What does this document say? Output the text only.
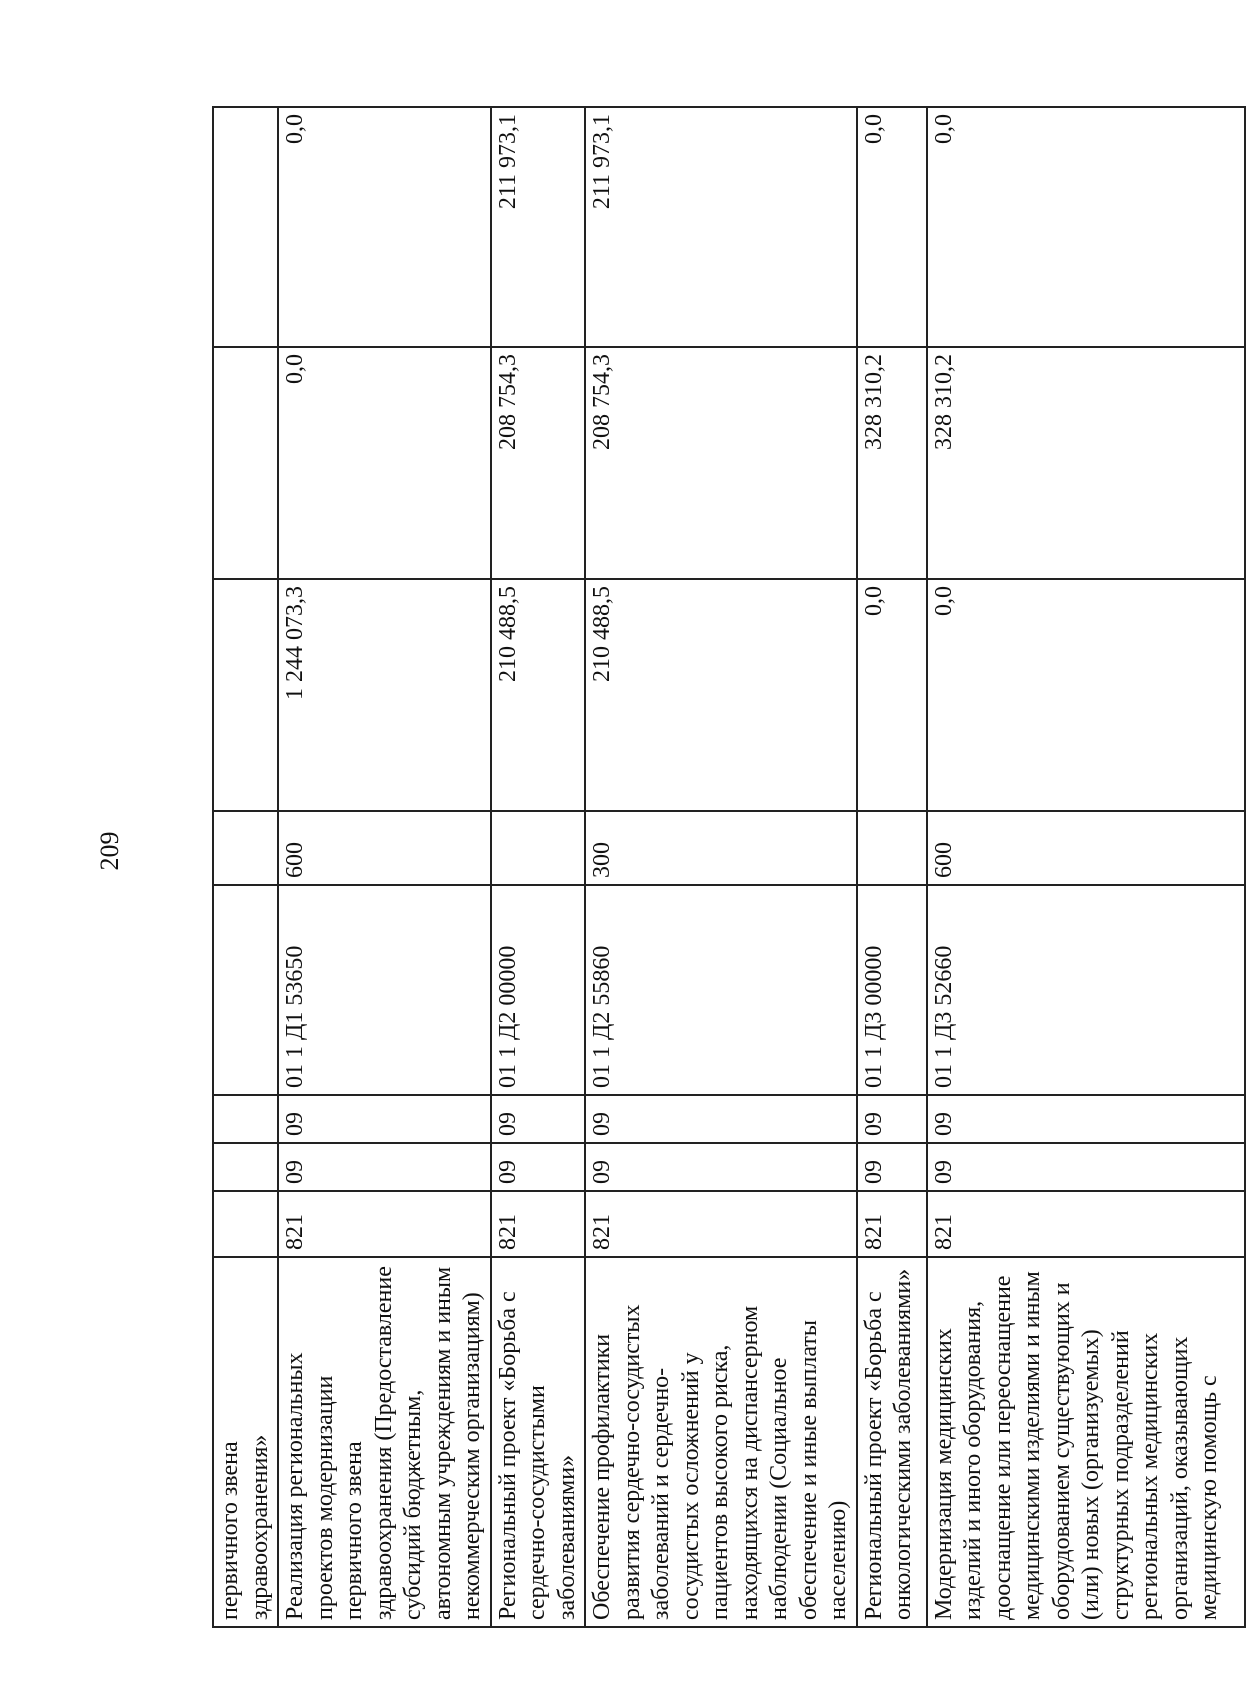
209
первичного звена здравоохранения»								
Реализация региональных проектов модернизации первичного звена здравоохранения (Предоставление субсидий бюджетным, автономным учреждениям и иным некоммерческим организациям)	821	09	09	01 1 Д1 53650	600	1 244 073,3	0,0	0,0
Региональный проект «Борьба с сердечно-сосудистыми заболеваниями»	821	09	09	01 1 Д2 00000		210 488,5	208 754,3	211 973,1
Обеспечение профилактики развития сердечно-сосудистых заболеваний и сердечно-сосудистых осложнений у пациентов высокого риска, находящихся на диспансерном наблюдении (Социальное обеспечение и иные выплаты населению)	821	09	09	01 1 Д2 55860	300	210 488,5	208 754,3	211 973,1
Региональный проект «Борьба с онкологическими заболеваниями»	821	09	09	01 1 Д3 00000		0,0	328 310,2	0,0
Модернизация медицинских изделий и иного оборудования, дооснащение или переоснащение медицинскими изделиями и иным оборудованием существующих и (или) новых (организуемых) структурных подразделений региональных медицинских организаций, оказывающих медицинскую помощь с	821	09	09	01 1 Д3 52660	600	0,0	328 310,2	0,0
